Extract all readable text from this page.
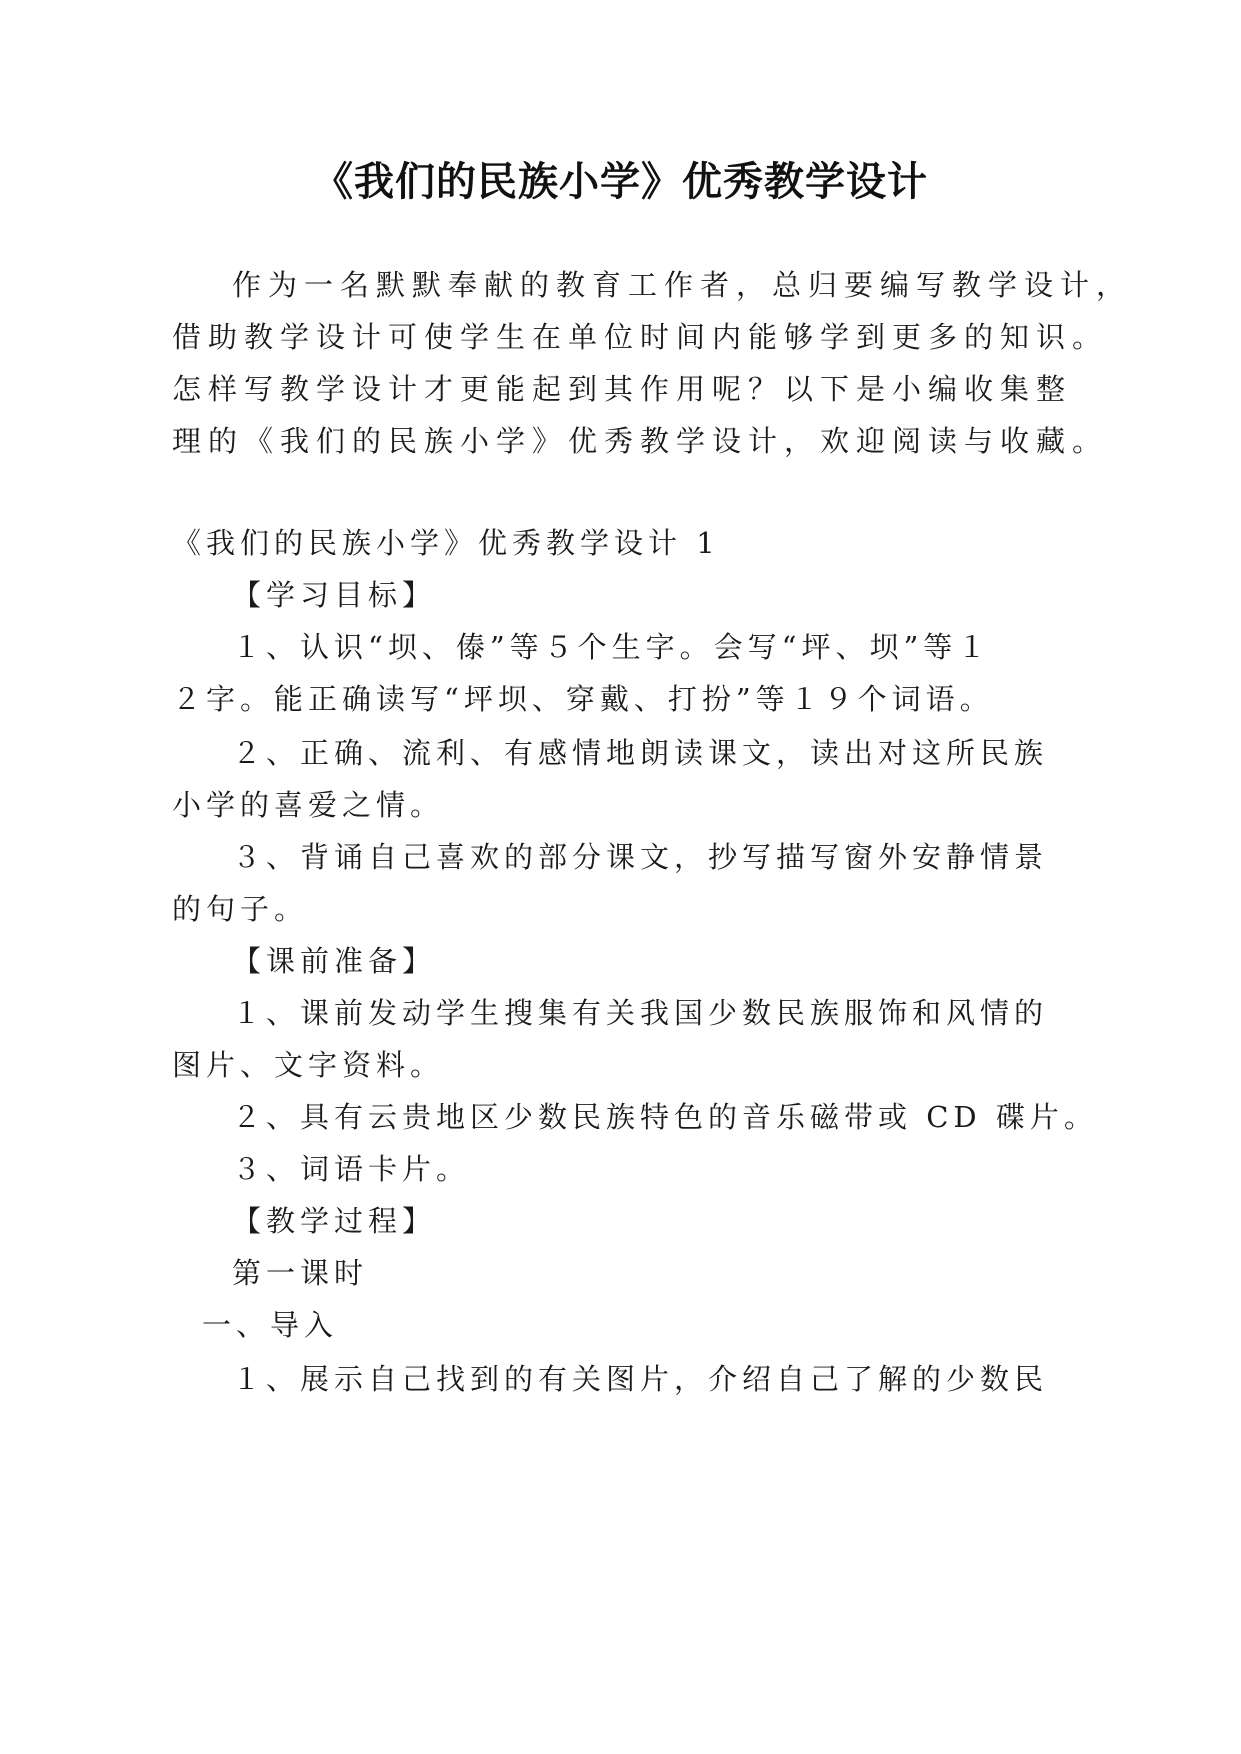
《我们的民族小学》优秀教学设计
作为一名默默奉献的教育工作者，总归要编写教学设计，
借助教学设计可使学生在单位时间内能够学到更多的知识。
怎样写教学设计才更能起到其作用呢？以下是小编收集整
理的《我们的民族小学》优秀教学设计，欢迎阅读与收藏。
《我们的民族小学》优秀教学设计 1
【学习目标】
１、认识“坝、傣”等５个生字。会写“坪、坝”等１
２字。能正确读写“坪坝、穿戴、打扮”等１９个词语。
２、正确、流利、有感情地朗读课文，读出对这所民族
小学的喜爱之情。
３、背诵自己喜欢的部分课文，抄写描写窗外安静情景
的句子。
【课前准备】
１、课前发动学生搜集有关我国少数民族服饰和风情的
图片、文字资料。
２、具有云贵地区少数民族特色的音乐磁带或 CD 碟片。
３、词语卡片。
【教学过程】
第一课时
一、导入
１、展示自己找到的有关图片，介绍自己了解的少数民
